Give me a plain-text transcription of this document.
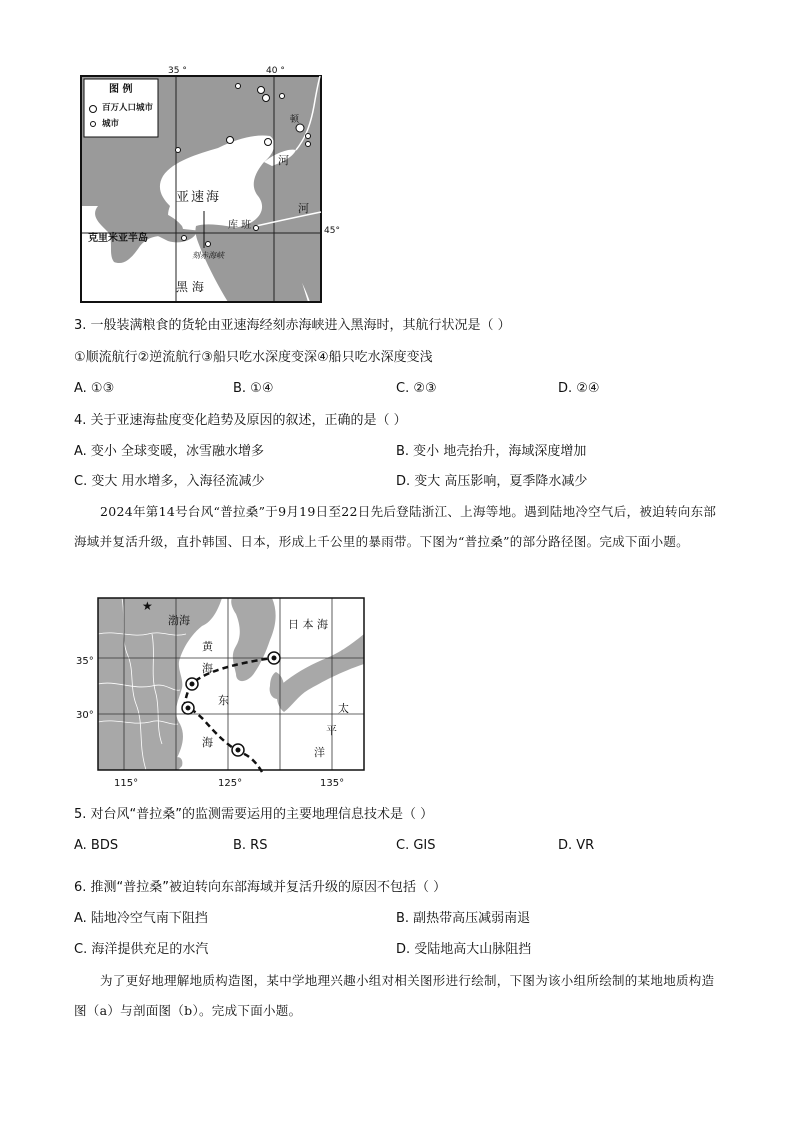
图 例
百万人口城市
城市
35 °	40 °
45°
亚速海
克里米亚半岛
刻赤海峡
库 班
河
河
顿
黑 海
3. 一般装满粮食的货轮由亚速海经刻赤海峡进入黑海时，其航行状况是（ ）
①顺流航行②逆流航行③船只吃水深度变深④船只吃水深度变浅
A. ①③	B. ①④	C. ②③	D. ②④
4. 关于亚速海盐度变化趋势及原因的叙述，正确的是（ ）
A. 变小 全球变暖，冰雪融水增多	B. 变小 地壳抬升，海域深度增加
C. 变大 用水增多，入海径流减少	D. 变大 高压影响，夏季降水减少

2024年第14号台风“普拉桑”于9月19日至22日先后登陆浙江、上海等地。遇到陆地冷空气后，被迫转向东部海域并复活升级，直扑韩国、日本，形成上千公里的暴雨带。下图为“普拉桑”的部分路径图。完成下面小题。

★
渤海
黄
海
东
海
日 本 海
太
平
洋
35°
30°
115°	125°	135°
5. 对台风“普拉桑”的监测需要运用的主要地理信息技术是（ ）
A. BDS	B. RS	C. GIS	D. VR
6. 推测“普拉桑”被迫转向东部海域并复活升级的原因不包括（ ）
A. 陆地冷空气南下阻挡	B. 副热带高压减弱南退
C. 海洋提供充足的水汽	D. 受陆地高大山脉阻挡

为了更好地理解地质构造图，某中学地理兴趣小组对相关图形进行绘制，下图为该小组所绘制的某地地质构造图（a）与剖面图（b）。完成下面小题。
